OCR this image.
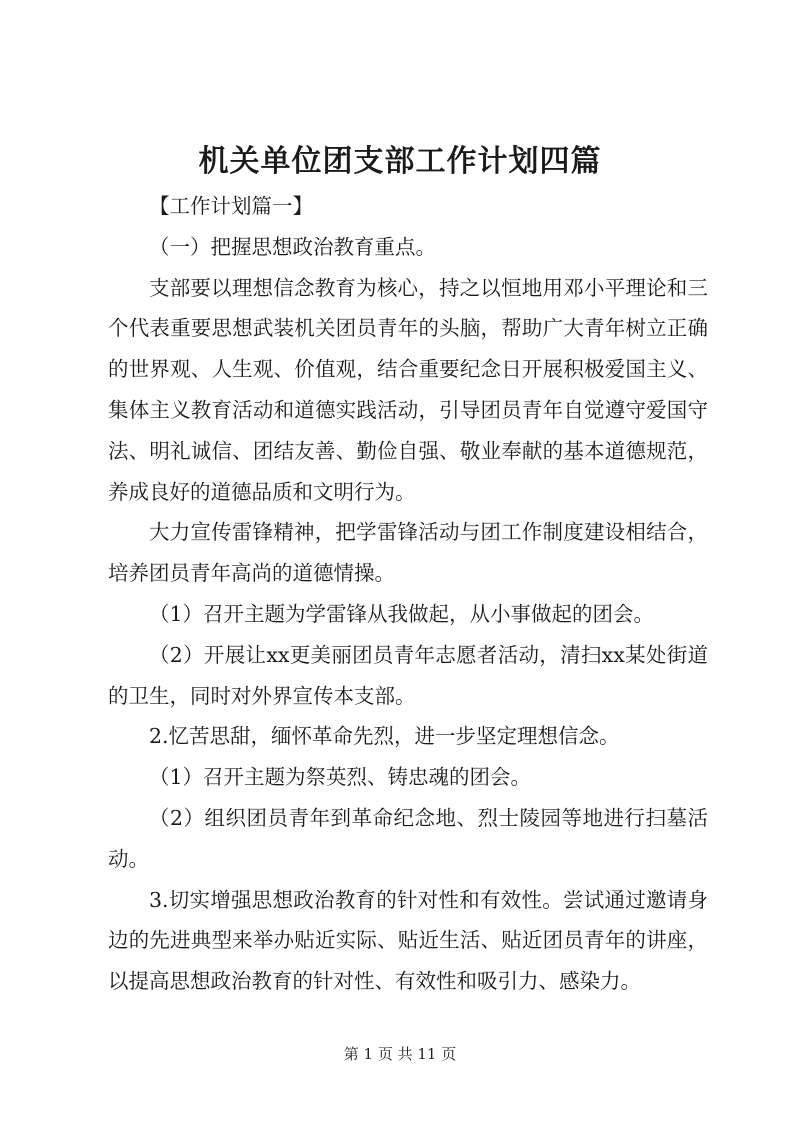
机关单位团支部工作计划四篇

【工作计划篇一】

（一）把握思想政治教育重点。

支部要以理想信念教育为核心，持之以恒地用邓小平理论和三个代表重要思想武装机关团员青年的头脑，帮助广大青年树立正确的世界观、人生观、价值观，结合重要纪念日开展积极爱国主义、集体主义教育活动和道德实践活动，引导团员青年自觉遵守爱国守法、明礼诚信、团结友善、勤俭自强、敬业奉献的基本道德规范，养成良好的道德品质和文明行为。

大力宣传雷锋精神，把学雷锋活动与团工作制度建设相结合，培养团员青年高尚的道德情操。

（1）召开主题为学雷锋从我做起，从小事做起的团会。

（2）开展让xx更美丽团员青年志愿者活动，清扫xx某处街道的卫生，同时对外界宣传本支部。

2.忆苦思甜，缅怀革命先烈，进一步坚定理想信念。

（1）召开主题为祭英烈、铸忠魂的团会。

（2）组织团员青年到革命纪念地、烈士陵园等地进行扫墓活动。

3.切实增强思想政治教育的针对性和有效性。尝试通过邀请身边的先进典型来举办贴近实际、贴近生活、贴近团员青年的讲座，以提高思想政治教育的针对性、有效性和吸引力、感染力。

第 1 页 共 11 页
